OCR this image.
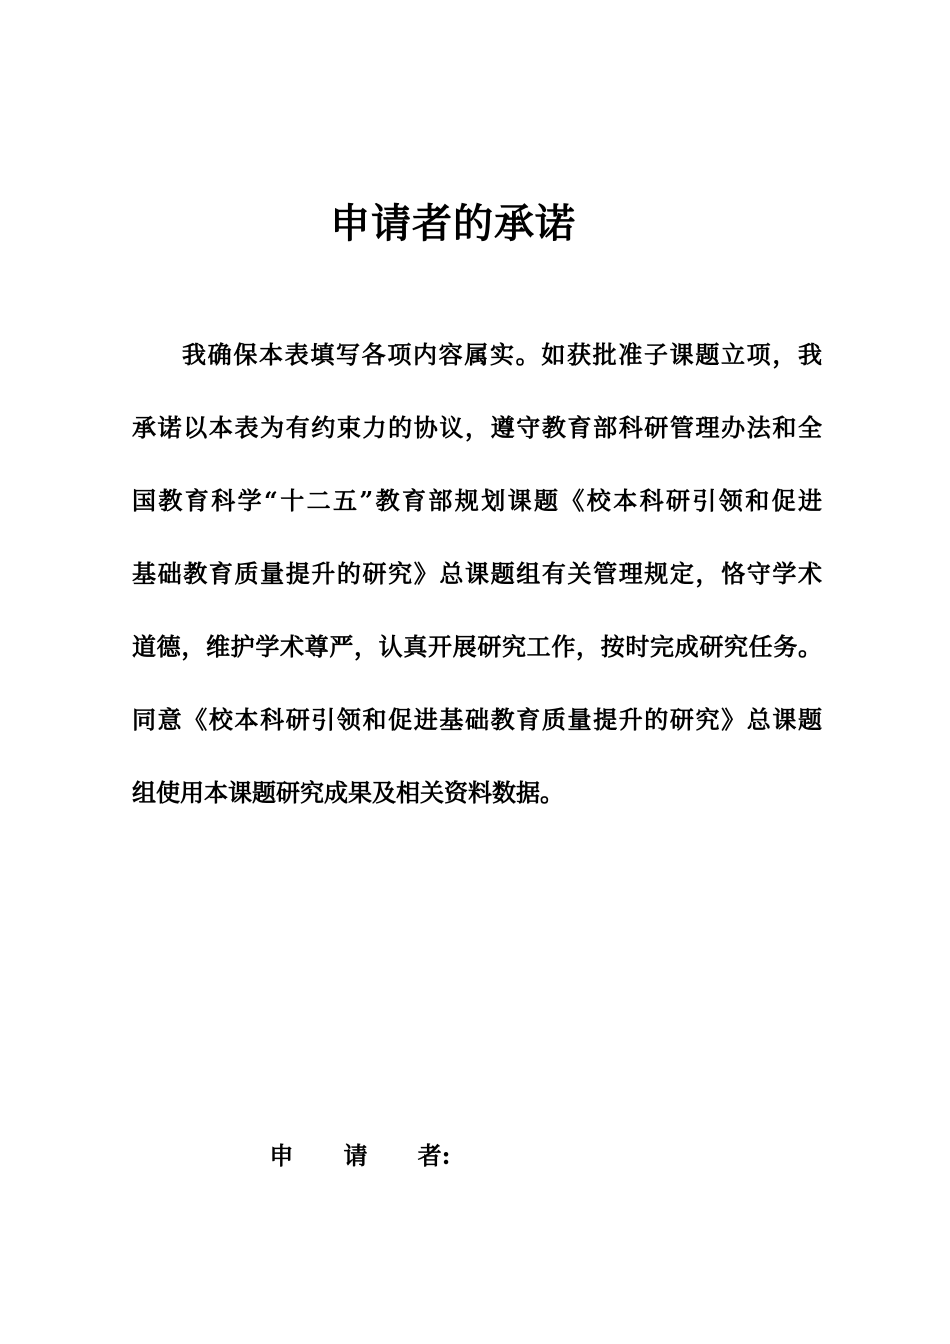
申请者的承诺
我确保本表填写各项内容属实。如获批准子课题立项，我
承诺以本表为有约束力的协议，遵守教育部科研管理办法和全
国教育科学“十二五”教育部规划课题《校本科研引领和促进
基础教育质量提升的研究》总课题组有关管理规定，恪守学术
道德，维护学术尊严，认真开展研究工作，按时完成研究任务。
同意《校本科研引领和促进基础教育质量提升的研究》总课题
组使用本课题研究成果及相关资料数据。

申      请      者:
